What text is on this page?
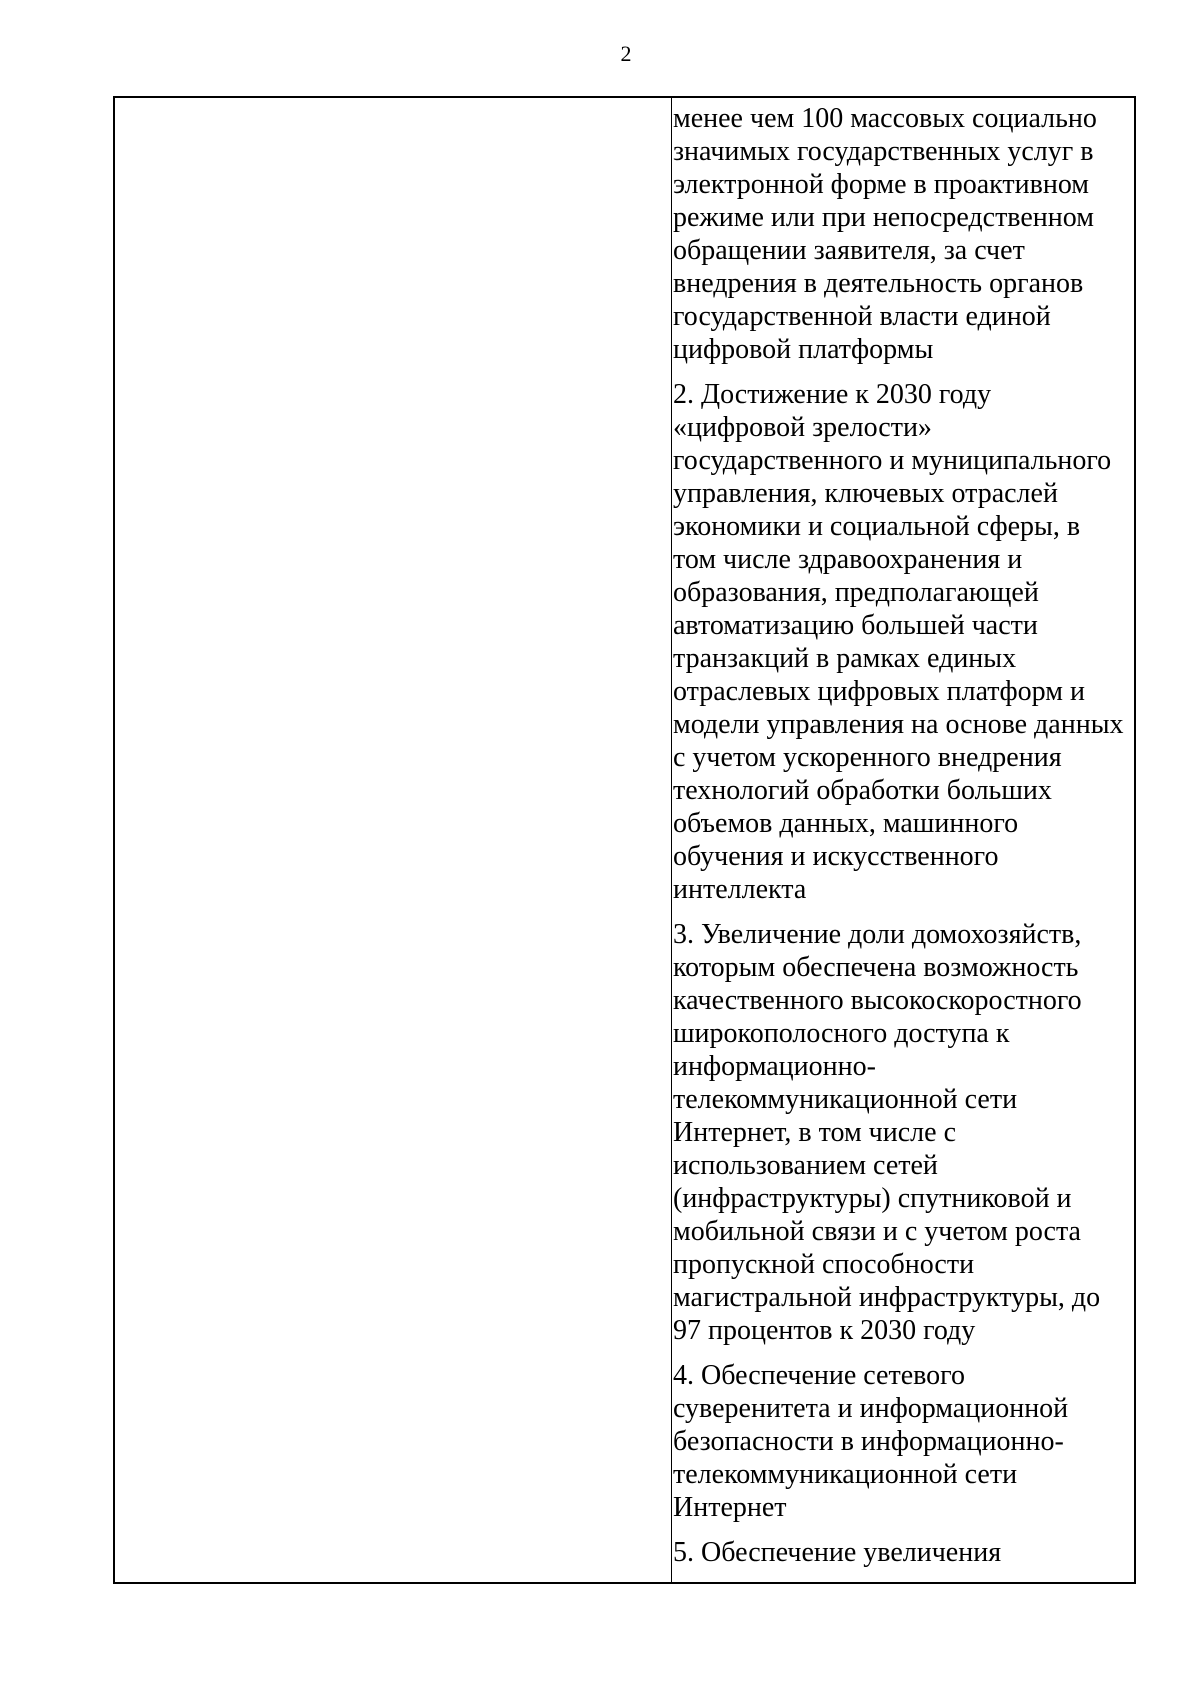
2

менее чем 100 массовых социально
значимых государственных услуг в
электронной форме в проактивном
режиме или при непосредственном
обращении заявителя, за счет
внедрения в деятельность органов
государственной власти единой
цифровой платформы

2. Достижение к 2030 году
«цифровой зрелости»
государственного и муниципального
управления, ключевых отраслей
экономики и социальной сферы, в
том числе здравоохранения и
образования, предполагающей
автоматизацию большей части
транзакций в рамках единых
отраслевых цифровых платформ и
модели управления на основе данных
с учетом ускоренного внедрения
технологий обработки больших
объемов данных, машинного
обучения и искусственного
интеллекта

3. Увеличение доли домохозяйств,
которым обеспечена возможность
качественного высокоскоростного
широкополосного доступа к
информационно-
телекоммуникационной сети
Интернет, в том числе с
использованием сетей
(инфраструктуры) спутниковой и
мобильной связи и с учетом роста
пропускной способности
магистральной инфраструктуры, до
97 процентов к 2030 году

4. Обеспечение сетевого
суверенитета и информационной
безопасности в информационно-
телекоммуникационной сети
Интернет

5. Обеспечение увеличения
